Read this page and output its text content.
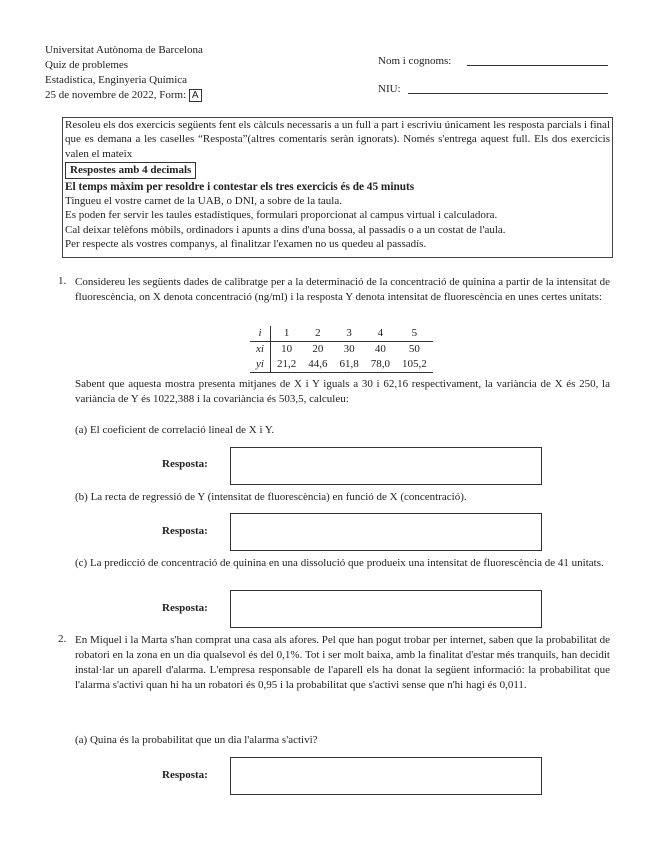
Universitat Autònoma de Barcelona
Quiz de problemes
Estadística, Enginyeria Química
25 de novembre de 2022, Form: A
Nom i cognoms:
NIU:

Resoleu els dos exercicis següents fent els càlculs necessaris a un full a part i escriviu únicament les resposta parcials i final que es demana a les caselles “Resposta”(altres comentaris seràn ignorats). Només s'entrega aquest full. Els dos exercicis valen el mateix

Respostes amb 4 decimals

El temps màxim per resoldre i contestar els tres exercicis és de 45 minuts

Tingueu el vostre carnet de la UAB, o DNI, a sobre de la taula.

Es poden fer servir les taules estadístiques, formulari proporcionat al campus virtual i calculadora.

Cal deixar telèfons mòbils, ordinadors i apunts a dins d'una bossa, al passadís o a un costat de l'aula.

Per respecte als vostres companys, al finalitzar l'examen no us quedeu al passadís.

1. Considereu les següents dades de calibratge per a la determinació de la concentració de quinina a partir de la intensitat de fluorescència, on X denota concentració (ng/ml) i la resposta Y denota intensitat de fluorescència en unes certes unitats:
i	1	2	3	4	5
xi	10	20	30	40	50
yi	21,2	44,6	61,8	78,0	105,2
Sabent que aquesta mostra presenta mitjanes de X i Y iguals a 30 i 62,16 respectivament, la variància de X és 250, la variància de Y és 1022,388 i la covariància és 503,5, calculeu:
(a) El coeficient de correlació lineal de X i Y.
Resposta:
(b) La recta de regressió de Y (intensitat de fluorescència) en funció de X (concentració).
Resposta:
(c) La predicció de concentració de quinina en una dissolució que produeix una intensitat de fluorescència de 41 unitats.
Resposta:
2. En Miquel i la Marta s'han comprat una casa als afores. Pel que han pogut trobar per internet, saben que la probabilitat de robatori en la zona en un dia qualsevol és del 0,1%. Tot i ser molt baixa, amb la finalitat d'estar més tranquils, han decidit instal·lar un aparell d'alarma. L'empresa responsable de l'aparell els ha donat la següent informació: la probabilitat que l'alarma s'activi quan hi ha un robatori és 0,95 i la probabilitat que s'activi sense que n'hi hagi és 0,011.
(a) Quina és la probabilitat que un dia l'alarma s'activi?
Resposta:
